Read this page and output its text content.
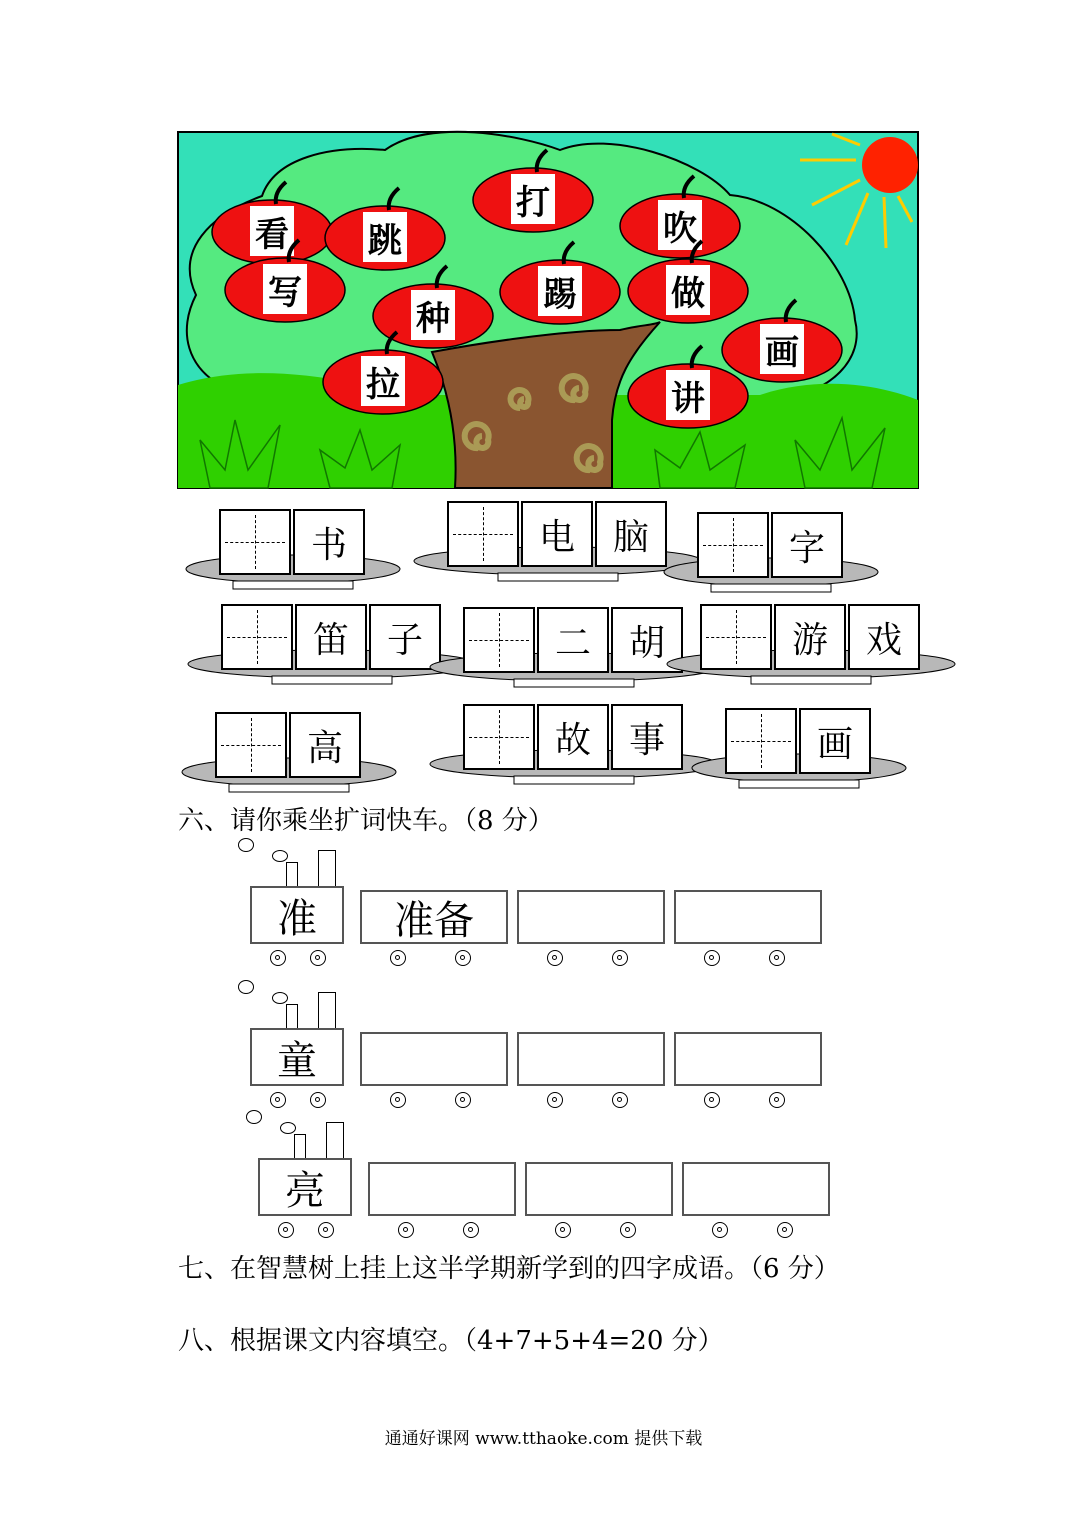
看 跳
打
吹
写
种
踢	做
拉	讲
画
书	电	脑	字
笛	子	二	胡	游	戏
高	故	事	画
六、请你乘坐扩词快车。（8 分）
准	准备
童
亮
七、在智慧树上挂上这半学期新学到的四字成语。（6 分）
八、根据课文内容填空。（4+7+5+4=20 分）
通通好课网 www.tthaoke.com 提供下载
